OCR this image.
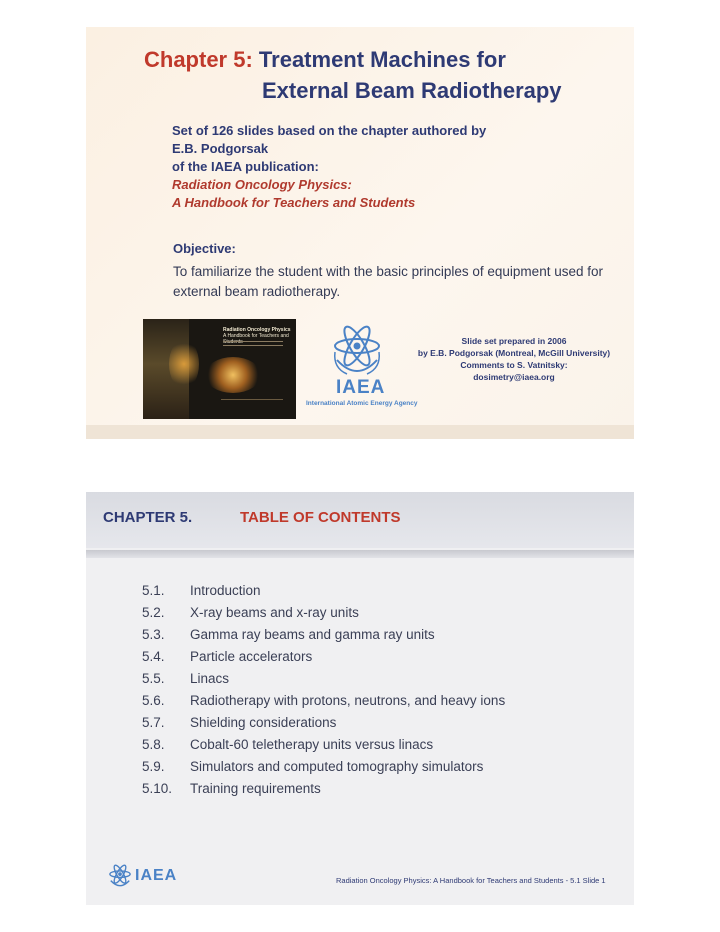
Chapter 5: Treatment Machines for
External Beam Radiotherapy
Set of 126 slides based on the chapter authored by
E.B. Podgorsak
of the IAEA publication:
Radiation Oncology Physics:
A Handbook for Teachers and Students
Objective:
To familiarize the student with the basic principles of equipment used for external beam radiotherapy.
Radiation Oncology Physics
A Handbook for Teachers and Students
IAEA
International Atomic Energy Agency
Slide set prepared in 2006
by E.B. Podgorsak (Montreal, McGill University)
Comments to S. Vatnitsky:
dosimetry@iaea.org
CHAPTER 5.	TABLE OF CONTENTS
5.1. Introduction
5.2. X-ray beams and x-ray units
5.3. Gamma ray beams and gamma ray units
5.4. Particle accelerators
5.5. Linacs
5.6. Radiotherapy with protons, neutrons, and heavy ions
5.7. Shielding considerations
5.8. Cobalt-60 teletherapy units versus linacs
5.9. Simulators and computed tomography simulators
5.10. Training requirements
IAEA	Radiation Oncology Physics: A Handbook for Teachers and Students - 5.1 Slide 1
